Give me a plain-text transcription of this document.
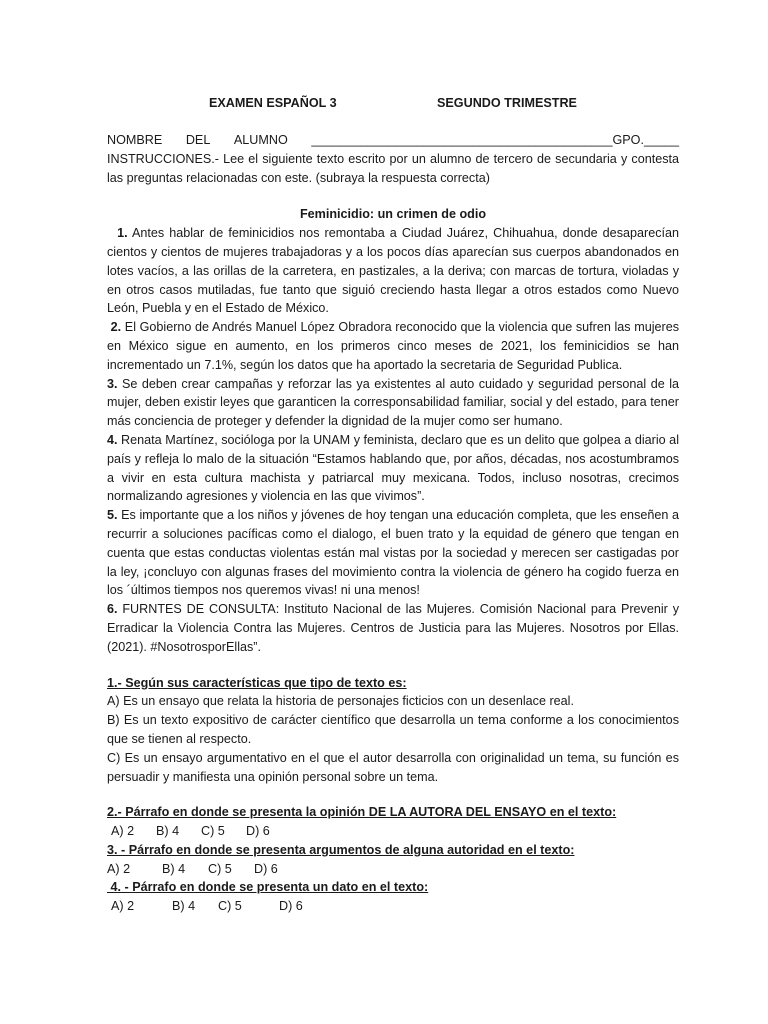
EXAMEN ESPAÑOL 3	SEGUNDO TRIMESTRE
NOMBRE DEL ALUMNO ___________________________________________GPO._____

INSTRUCCIONES.- Lee el siguiente texto escrito por un alumno de tercero de secundaria y contesta las preguntas relacionadas con este. (subraya la respuesta correcta)

Feminicidio: un crimen de odio

1. Antes hablar de feminicidios nos remontaba a Ciudad Juárez, Chihuahua, donde desaparecían cientos y cientos de mujeres trabajadoras y a los pocos días aparecían sus cuerpos abandonados en lotes vacíos, a las orillas de la carretera, en pastizales, a la deriva; con marcas de tortura, violadas y en otros casos mutiladas, fue tanto que siguió creciendo hasta llegar a otros estados como Nuevo León, Puebla y en el Estado de México.

2. El Gobierno de Andrés Manuel López Obradora reconocido que la violencia que sufren las mujeres en México sigue en aumento, en los primeros cinco meses de 2021, los feminicidios se han incrementado un 7.1%, según los datos que ha aportado la secretaria de Seguridad Publica.

3. Se deben crear campañas y reforzar las ya existentes al auto cuidado y seguridad personal de la mujer, deben existir leyes que garanticen la corresponsabilidad familiar, social y del estado, para tener más conciencia de proteger y defender la dignidad de la mujer como ser humano.

4. Renata Martínez, socióloga por la UNAM y feminista, declaro que es un delito que golpea a diario al país y refleja lo malo de la situación “Estamos hablando que, por años, décadas, nos acostumbramos a vivir en esta cultura machista y patriarcal muy mexicana. Todos, incluso nosotras, crecimos normalizando agresiones y violencia en las que vivimos”.

5. Es importante que a los niños y jóvenes de hoy tengan una educación completa, que les enseñen a recurrir a soluciones pacíficas como el dialogo, el buen trato y la equidad de género que tengan en cuenta que estas conductas violentas están mal vistas por la sociedad y merecen ser castigadas por la ley, ¡concluyo con algunas frases del movimiento contra la violencia de género ha cogido fuerza en los ´últimos tiempos nos queremos vivas! ni una menos!

6. FURNTES DE CONSULTA: Instituto Nacional de las Mujeres. Comisión Nacional para Prevenir y Erradicar la Violencia Contra las Mujeres. Centros de Justicia para las Mujeres. Nosotros por Ellas. (2021). #NosotrosporEllas”.

1.- Según sus características que tipo de texto es:

A) Es un ensayo que relata la historia de personajes ficticios con un desenlace real.

B) Es un texto expositivo de carácter científico que desarrolla un tema conforme a los conocimientos que se tienen al respecto.

C) Es un ensayo argumentativo en el que el autor desarrolla con originalidad un tema, su función es persuadir y manifiesta una opinión personal sobre un tema.

2.- Párrafo en donde se presenta la opinión DE LA AUTORA DEL ENSAYO en el texto:
A) 2	B) 4	C) 5	D) 6
3. - Párrafo en donde se presenta argumentos de alguna autoridad en el texto:
A) 2	B) 4	C) 5	D) 6
4. - Párrafo en donde se presenta un dato en el texto:
A) 2	B) 4	C) 5	D) 6
